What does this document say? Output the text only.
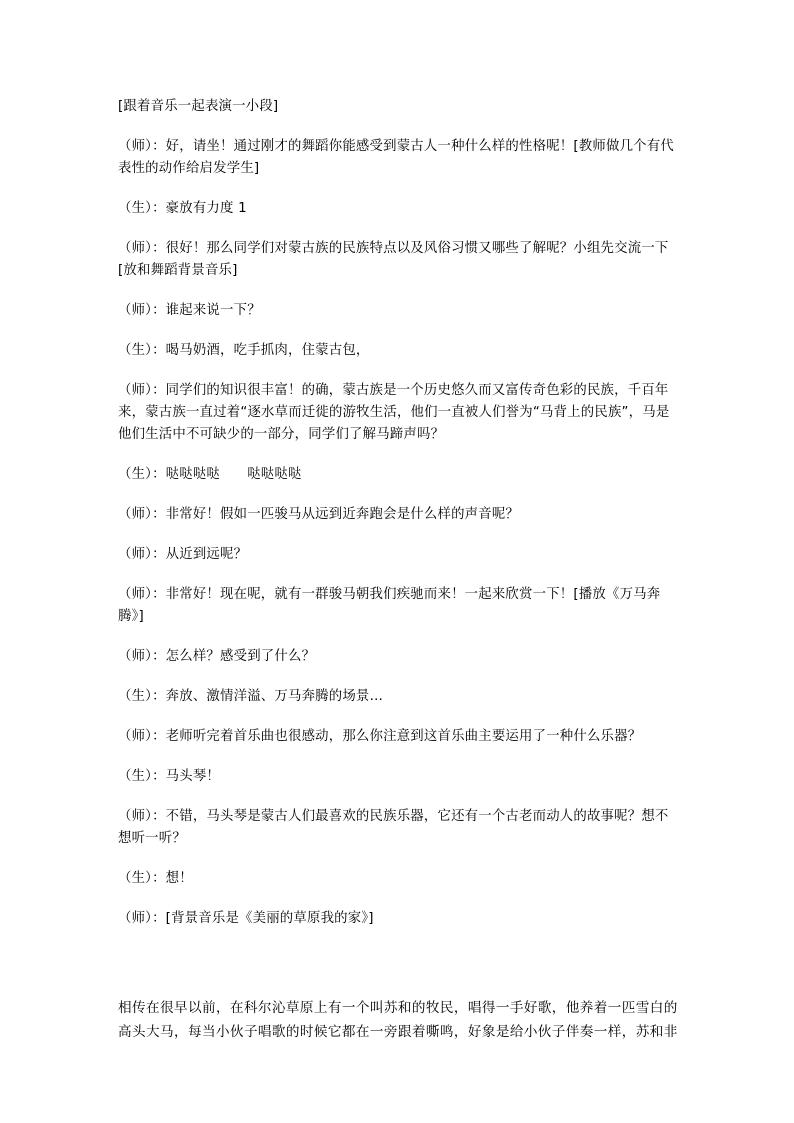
[跟着音乐一起表演一小段]

（师）：好，请坐！通过刚才的舞蹈你能感受到蒙古人一种什么样的性格呢！[教师做几个有代表性的动作给启发学生]

（生）：豪放有力度 1

（师）：很好！那么同学们对蒙古族的民族特点以及风俗习惯又哪些了解呢？小组先交流一下[放和舞蹈背景音乐]

（师）：谁起来说一下？

（生）：喝马奶酒，吃手抓肉，住蒙古包，

（师）：同学们的知识很丰富！的确，蒙古族是一个历史悠久而又富传奇色彩的民族，千百年来，蒙古族一直过着“逐水草而迁徙的游牧生活，他们一直被人们誉为“马背上的民族”，马是他们生活中不可缺少的一部分，同学们了解马蹄声吗？

（生）：哒哒哒哒　　哒哒哒哒

（师）：非常好！假如一匹骏马从远到近奔跑会是什么样的声音呢？

（师）：从近到远呢？

（师）：非常好！现在呢，就有一群骏马朝我们疾驰而来！一起来欣赏一下！[播放《万马奔腾》]

（师）：怎么样？感受到了什么？

（生）：奔放、激情洋溢、万马奔腾的场景…

（师）：老师听完着首乐曲也很感动，那么你注意到这首乐曲主要运用了一种什么乐器？

（生）：马头琴！

（师）：不错，马头琴是蒙古人们最喜欢的民族乐器，它还有一个古老而动人的故事呢？想不想听一听？

（生）：想！

（师）：[背景音乐是《美丽的草原我的家》]

相传在很早以前，在科尔沁草原上有一个叫苏和的牧民，唱得一手好歌，他养着一匹雪白的高头大马，每当小伙子唱歌的时候它都在一旁跟着嘶鸣，好象是给小伙子伴奏一样，苏和非
